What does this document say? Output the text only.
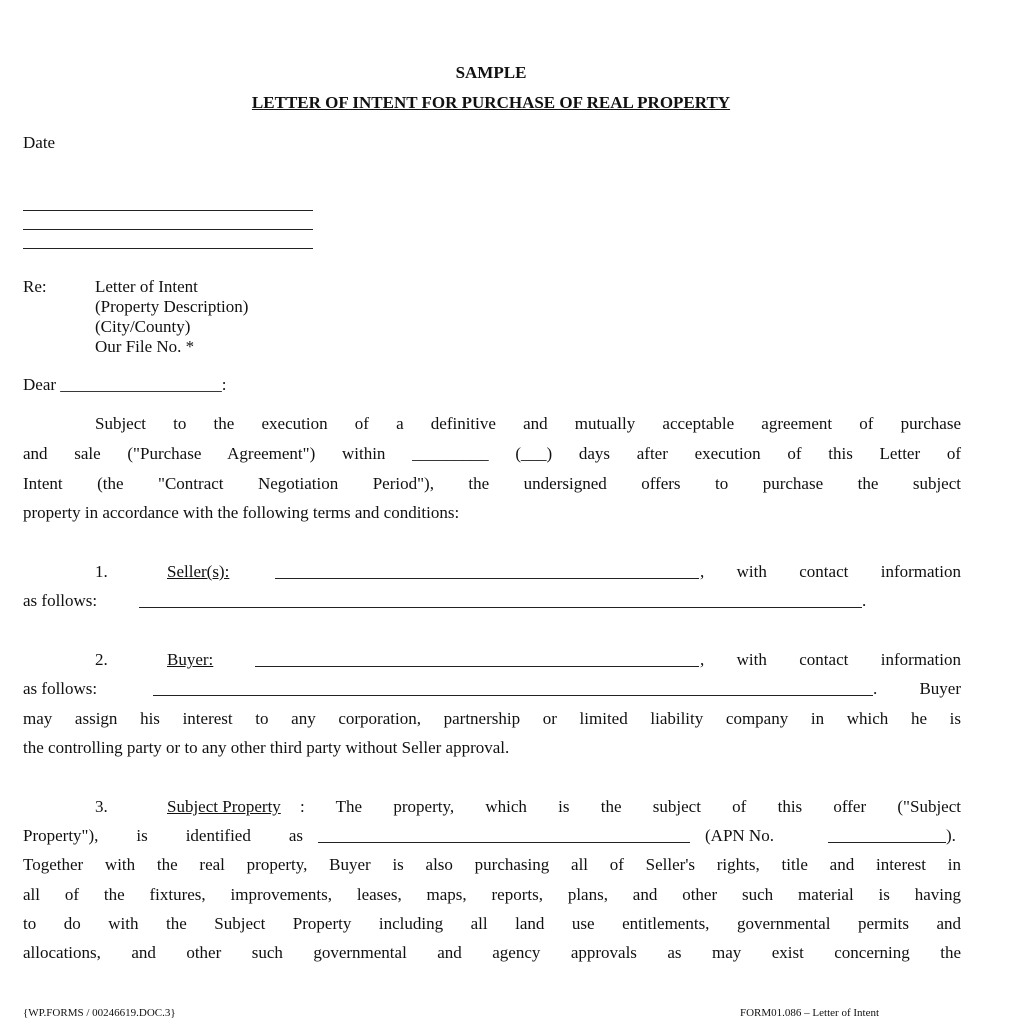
SAMPLE
LETTER OF INTENT FOR PURCHASE OF REAL PROPERTY
Date
Re:	Letter of Intent
(Property Description)
(City/County)
Our File No. *
Dear ___________________:
Subject to the execution of a definitive and mutually acceptable agreement of purchase
and sale ("Purchase Agreement") within _________ (___) days after execution of this Letter of
Intent (the "Contract Negotiation Period"), the undersigned offers to purchase the subject
property in accordance with the following terms and conditions:
1.	Seller(s):	, with contact information
as follows:	.
2.	Buyer:	, with contact information
as follows:	. Buyer
may assign his interest to any corporation, partnership or limited liability company in which he is
the controlling party or to any other third party without Seller approval.
3.	Subject Property : The property, which is the subject of this offer ("Subject
Property"), is identified as	(APN No.	).
Together with the real property, Buyer is also purchasing all of Seller's rights, title and interest in
all of the fixtures, improvements, leases, maps, reports, plans, and other such material is having
to do with the Subject Property including all land use entitlements, governmental permits and
allocations, and other such governmental and agency approvals as may exist concerning the
{WP.FORMS / 00246619.DOC.3}	FORM01.086 – Letter of Intent
